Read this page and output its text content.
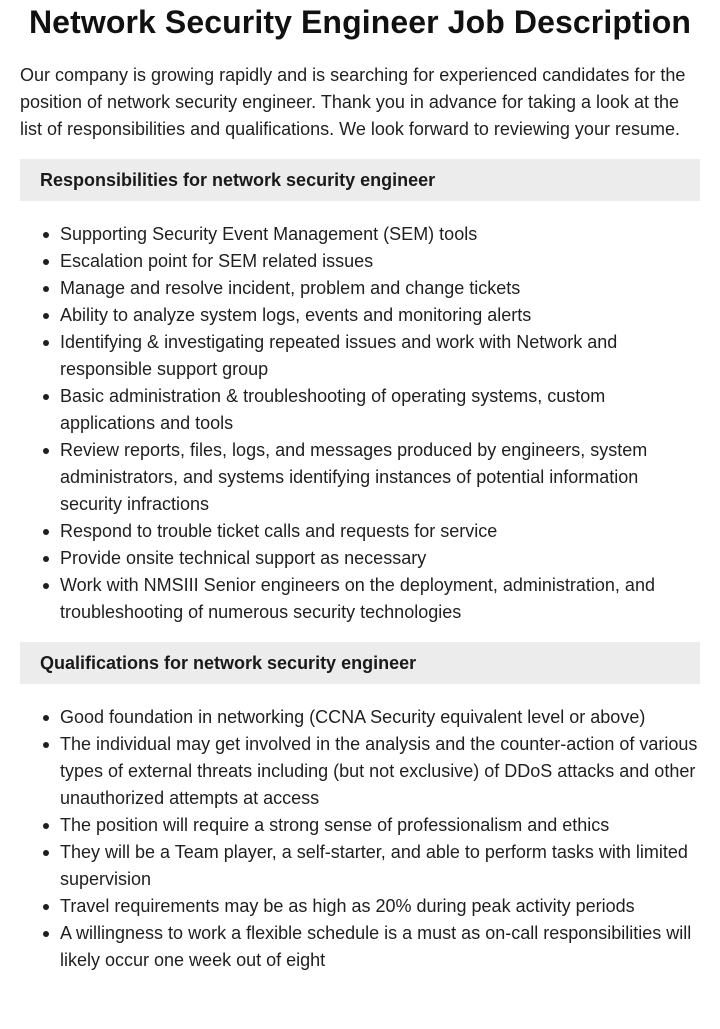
Network Security Engineer Job Description

Our company is growing rapidly and is searching for experienced candidates for the position of network security engineer. Thank you in advance for taking a look at the list of responsibilities and qualifications. We look forward to reviewing your resume.

Responsibilities for network security engineer
Supporting Security Event Management (SEM) tools
Escalation point for SEM related issues
Manage and resolve incident, problem and change tickets
Ability to analyze system logs, events and monitoring alerts
Identifying & investigating repeated issues and work with Network and responsible support group
Basic administration & troubleshooting of operating systems, custom applications and tools
Review reports, files, logs, and messages produced by engineers, system administrators, and systems identifying instances of potential information security infractions
Respond to trouble ticket calls and requests for service
Provide onsite technical support as necessary
Work with NMSIII Senior engineers on the deployment, administration, and troubleshooting of numerous security technologies
Qualifications for network security engineer
Good foundation in networking (CCNA Security equivalent level or above)
The individual may get involved in the analysis and the counter-action of various types of external threats including (but not exclusive) of DDoS attacks and other unauthorized attempts at access
The position will require a strong sense of professionalism and ethics
They will be a Team player, a self-starter, and able to perform tasks with limited supervision
Travel requirements may be as high as 20% during peak activity periods
A willingness to work a flexible schedule is a must as on-call responsibilities will likely occur one week out of eight
